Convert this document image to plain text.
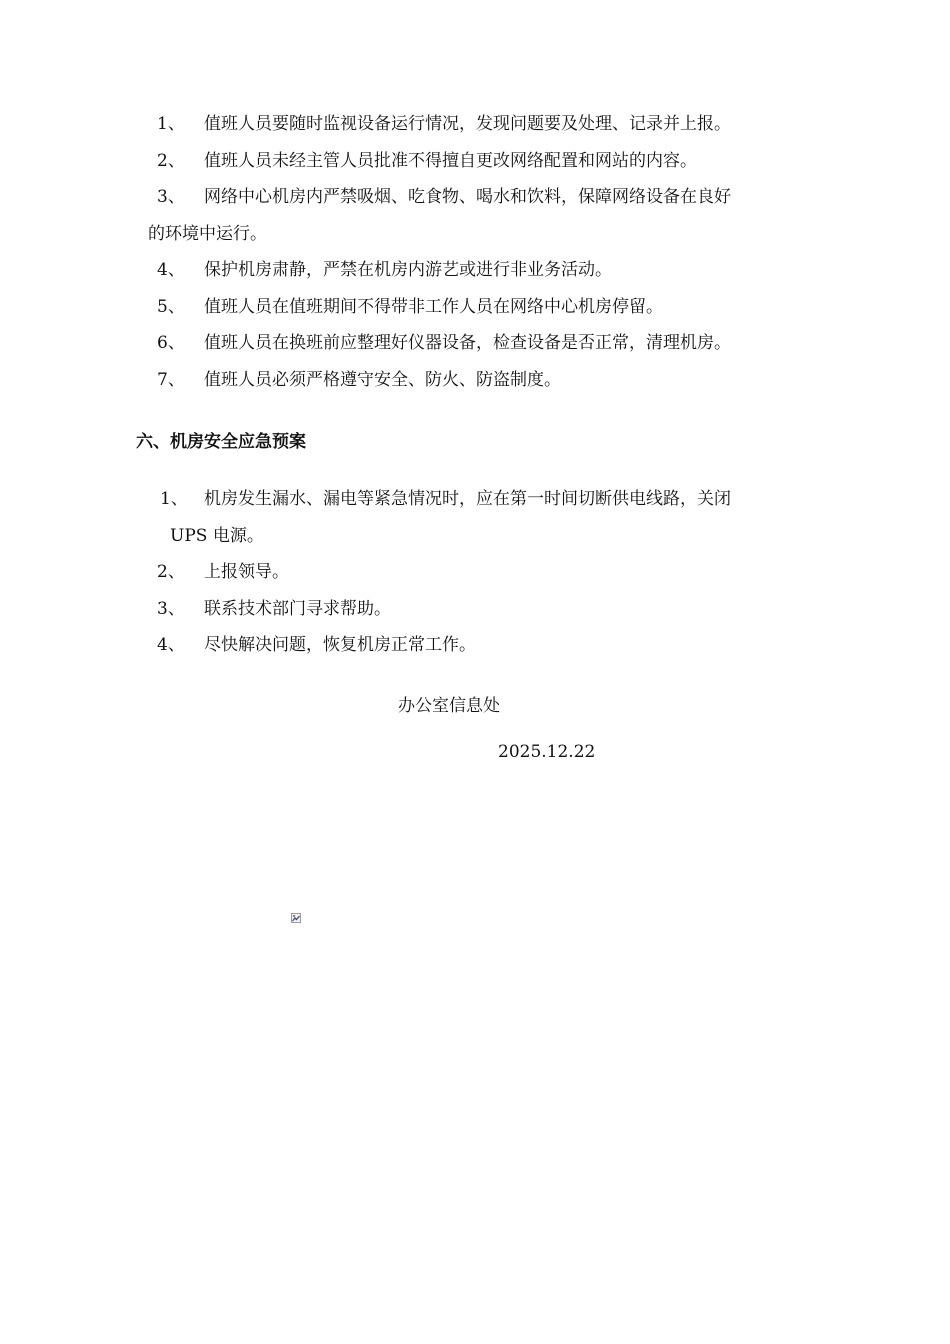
1、	值班人员要随时监视设备运行情况，发现问题要及处理、记录并上报。
2、	值班人员未经主管人员批准不得擅自更改网络配置和网站的内容。
3、	网络中心机房内严禁吸烟、吃食物、喝水和饮料，保障网络设备在良好
的环境中运行。
4、	保护机房肃静，严禁在机房内游艺或进行非业务活动。
5、	值班人员在值班期间不得带非工作人员在网络中心机房停留。
6、	值班人员在换班前应整理好仪器设备，检查设备是否正常，清理机房。
7、	值班人员必须严格遵守安全、防火、防盗制度。
六、机房安全应急预案
1、 机房发生漏水、漏电等紧急情况时，应在第一时间切断供电线路，关闭
UPS 电源。
2、	上报领导。
3、	联系技术部门寻求帮助。
4、	尽快解决问题，恢复机房正常工作。
办公室信息处
2025.12.22
